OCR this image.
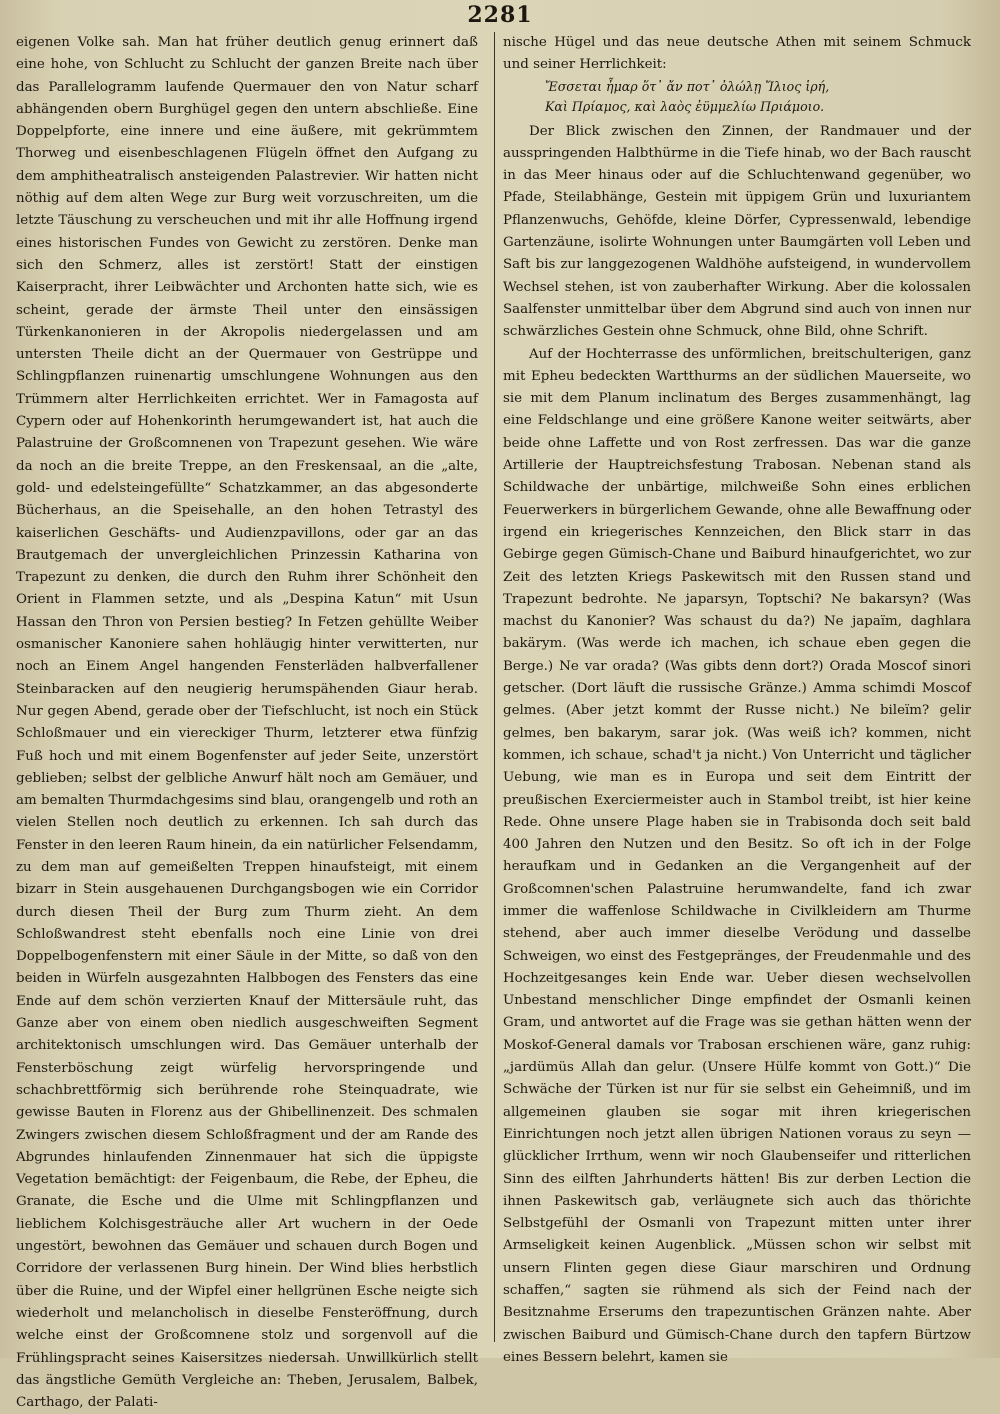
2281

eigenen Volke sah. Man hat früher deutlich genug erinnert daß eine hohe, von Schlucht zu Schlucht der ganzen Breite nach über das Parallelogramm laufende Quermauer den von Natur scharf abhängenden obern Burghügel gegen den untern abschließe. Eine Doppelpforte, eine innere und eine äußere, mit gekrümmtem Thorweg und eisenbeschlagenen Flügeln öffnet den Aufgang zu dem amphitheatralisch ansteigenden Palastrevier. Wir hatten nicht nöthig auf dem alten Wege zur Burg weit vorzuschreiten, um die letzte Täuschung zu verscheuchen und mit ihr alle Hoffnung irgend eines historischen Fundes von Gewicht zu zerstören. Denke man sich den Schmerz, alles ist zerstört! Statt der einstigen Kaiserpracht, ihrer Leibwächter und Archonten hatte sich, wie es scheint, gerade der ärmste Theil unter den einsässigen Türkenkanonieren in der Akropolis niedergelassen und am untersten Theile dicht an der Quermauer von Gestrüppe und Schlingpflanzen ruinenartig umschlungene Wohnungen aus den Trümmern alter Herrlichkeiten errichtet. Wer in Famagosta auf Cypern oder auf Hohenkorinth herumgewandert ist, hat auch die Palastruine der Großcomnenen von Trapezunt gesehen. Wie wäre da noch an die breite Treppe, an den Freskensaal, an die „alte, gold- und edelsteingefüllte“ Schatzkammer, an das abgesonderte Bücherhaus, an die Speisehalle, an den hohen Tetrastyl des kaiserlichen Geschäfts- und Audienzpavillons, oder gar an das Brautgemach der unvergleichlichen Prinzessin Katharina von Trapezunt zu denken, die durch den Ruhm ihrer Schönheit den Orient in Flammen setzte, und als „Despina Katun“ mit Usun Hassan den Thron von Persien bestieg? In Fetzen gehüllte Weiber osmanischer Kanoniere sahen hohläugig hinter verwitterten, nur noch an Einem Angel hangenden Fensterläden halbverfallener Steinbaracken auf den neugierig herumspähenden Giaur herab. Nur gegen Abend, gerade ober der Tiefschlucht, ist noch ein Stück Schloßmauer und ein viereckiger Thurm, letzterer etwa fünfzig Fuß hoch und mit einem Bogenfenster auf jeder Seite, unzerstört geblieben; selbst der gelbliche Anwurf hält noch am Gemäuer, und am bemalten Thurmdachgesims sind blau, orangengelb und roth an vielen Stellen noch deutlich zu erkennen. Ich sah durch das Fenster in den leeren Raum hinein, da ein natürlicher Felsendamm, zu dem man auf gemeißelten Treppen hinaufsteigt, mit einem bizarr in Stein ausgehauenen Durchgangsbogen wie ein Corridor durch diesen Theil der Burg zum Thurm zieht. An dem Schloßwandrest steht ebenfalls noch eine Linie von drei Doppelbogenfenstern mit einer Säule in der Mitte, so daß von den beiden in Würfeln ausgezahnten Halbbogen des Fensters das eine Ende auf dem schön verzierten Knauf der Mittersäule ruht, das Ganze aber von einem oben niedlich ausgeschweiften Segment architektonisch umschlungen wird. Das Gemäuer unterhalb der Fensterböschung zeigt würfelig hervorspringende und schachbrettförmig sich berührende rohe Steinquadrate, wie gewisse Bauten in Florenz aus der Ghibellinenzeit. Des schmalen Zwingers zwischen diesem Schloßfragment und der am Rande des Abgrundes hinlaufenden Zinnenmauer hat sich die üppigste Vegetation bemächtigt: der Feigenbaum, die Rebe, der Epheu, die Granate, die Esche und die Ulme mit Schlingpflanzen und lieblichem Kolchisgesträuche aller Art wuchern in der Oede ungestört, bewohnen das Gemäuer und schauen durch Bogen und Corridore der verlassenen Burg hinein. Der Wind blies herbstlich über die Ruine, und der Wipfel einer hellgrünen Esche neigte sich wiederholt und melancholisch in dieselbe Fensteröffnung, durch welche einst der Großcomnene stolz und sorgenvoll auf die Frühlingspracht seines Kaisersitzes niedersah. Unwillkürlich stellt das ängstliche Gemüth Vergleiche an: Theben, Jerusalem, Balbek, Carthago, der Palati-

nische Hügel und das neue deutsche Athen mit seinem Schmuck und seiner Herrlichkeit:

Ἔσσεται ἦμαρ ὅτ᾽ ἄν ποτ᾽ ὀλώλῃ Ἴλιος ἱρή,
Καὶ Πρίαμος, καὶ λαὸς ἐϋμμελίω Πριάμοιο.

Der Blick zwischen den Zinnen, der Randmauer und der ausspringenden Halbthürme in die Tiefe hinab, wo der Bach rauscht in das Meer hinaus oder auf die Schluchtenwand gegenüber, wo Pfade, Steilabhänge, Gestein mit üppigem Grün und luxuriantem Pflanzenwuchs, Gehöfde, kleine Dörfer, Cypressenwald, lebendige Gartenzäune, isolirte Wohnungen unter Baumgärten voll Leben und Saft bis zur langgezogenen Waldhöhe aufsteigend, in wundervollem Wechsel stehen, ist von zauberhafter Wirkung. Aber die kolossalen Saalfenster unmittelbar über dem Abgrund sind auch von innen nur schwärzliches Gestein ohne Schmuck, ohne Bild, ohne Schrift.

Auf der Hochterrasse des unförmlichen, breitschulterigen, ganz mit Epheu bedeckten Wartthurms an der südlichen Mauerseite, wo sie mit dem Planum inclinatum des Berges zusammenhängt, lag eine Feldschlange und eine größere Kanone weiter seitwärts, aber beide ohne Laffette und von Rost zerfressen. Das war die ganze Artillerie der Hauptreichsfestung Trabosan. Nebenan stand als Schildwache der unbärtige, milchweiße Sohn eines erblichen Feuerwerkers in bürgerlichem Gewande, ohne alle Bewaffnung oder irgend ein kriegerisches Kennzeichen, den Blick starr in das Gebirge gegen Gümisch-Chane und Baiburd hinaufgerichtet, wo zur Zeit des letzten Kriegs Paskewitsch mit den Russen stand und Trapezunt bedrohte. Ne japarsyn, Toptschi? Ne bakarsyn? (Was machst du Kanonier? Was schaust du da?) Ne japaïm, daghlara bakärym. (Was werde ich machen, ich schaue eben gegen die Berge.) Ne var orada? (Was gibts denn dort?) Orada Moscof sinori getscher. (Dort läuft die russische Gränze.) Amma schimdi Moscof gelmes. (Aber jetzt kommt der Russe nicht.) Ne bileïm? gelir gelmes, ben bakarym, sarar jok. (Was weiß ich? kommen, nicht kommen, ich schaue, schad't ja nicht.) Von Unterricht und täglicher Uebung, wie man es in Europa und seit dem Eintritt der preußischen Exerciermeister auch in Stambol treibt, ist hier keine Rede. Ohne unsere Plage haben sie in Trabisonda doch seit bald 400 Jahren den Nutzen und den Besitz. So oft ich in der Folge heraufkam und in Gedanken an die Vergangenheit auf der Großcomnen'schen Palastruine herumwandelte, fand ich zwar immer die waffenlose Schildwache in Civilkleidern am Thurme stehend, aber auch immer dieselbe Verödung und dasselbe Schweigen, wo einst des Festgepränges, der Freudenmahle und des Hochzeitgesanges kein Ende war. Ueber diesen wechselvollen Unbestand menschlicher Dinge empfindet der Osmanli keinen Gram, und antwortet auf die Frage was sie gethan hätten wenn der Moskof-General damals vor Trabosan erschienen wäre, ganz ruhig: „jardümüs Allah dan gelur. (Unsere Hülfe kommt von Gott.)“ Die Schwäche der Türken ist nur für sie selbst ein Geheimniß, und im allgemeinen glauben sie sogar mit ihren kriegerischen Einrichtungen noch jetzt allen übrigen Nationen voraus zu seyn — glücklicher Irrthum, wenn wir noch Glaubenseifer und ritterlichen Sinn des eilften Jahrhunderts hätten! Bis zur derben Lection die ihnen Paskewitsch gab, verläugnete sich auch das thörichte Selbstgefühl der Osmanli von Trapezunt mitten unter ihrer Armseligkeit keinen Augenblick. „Müssen schon wir selbst mit unsern Flinten gegen diese Giaur marschiren und Ordnung schaffen,“ sagten sie rühmend als sich der Feind nach der Besitznahme Erserums den trapezuntischen Gränzen nahte. Aber zwischen Baiburd und Gümisch-Chane durch den tapfern Bürtzow eines Bessern belehrt, kamen sie
